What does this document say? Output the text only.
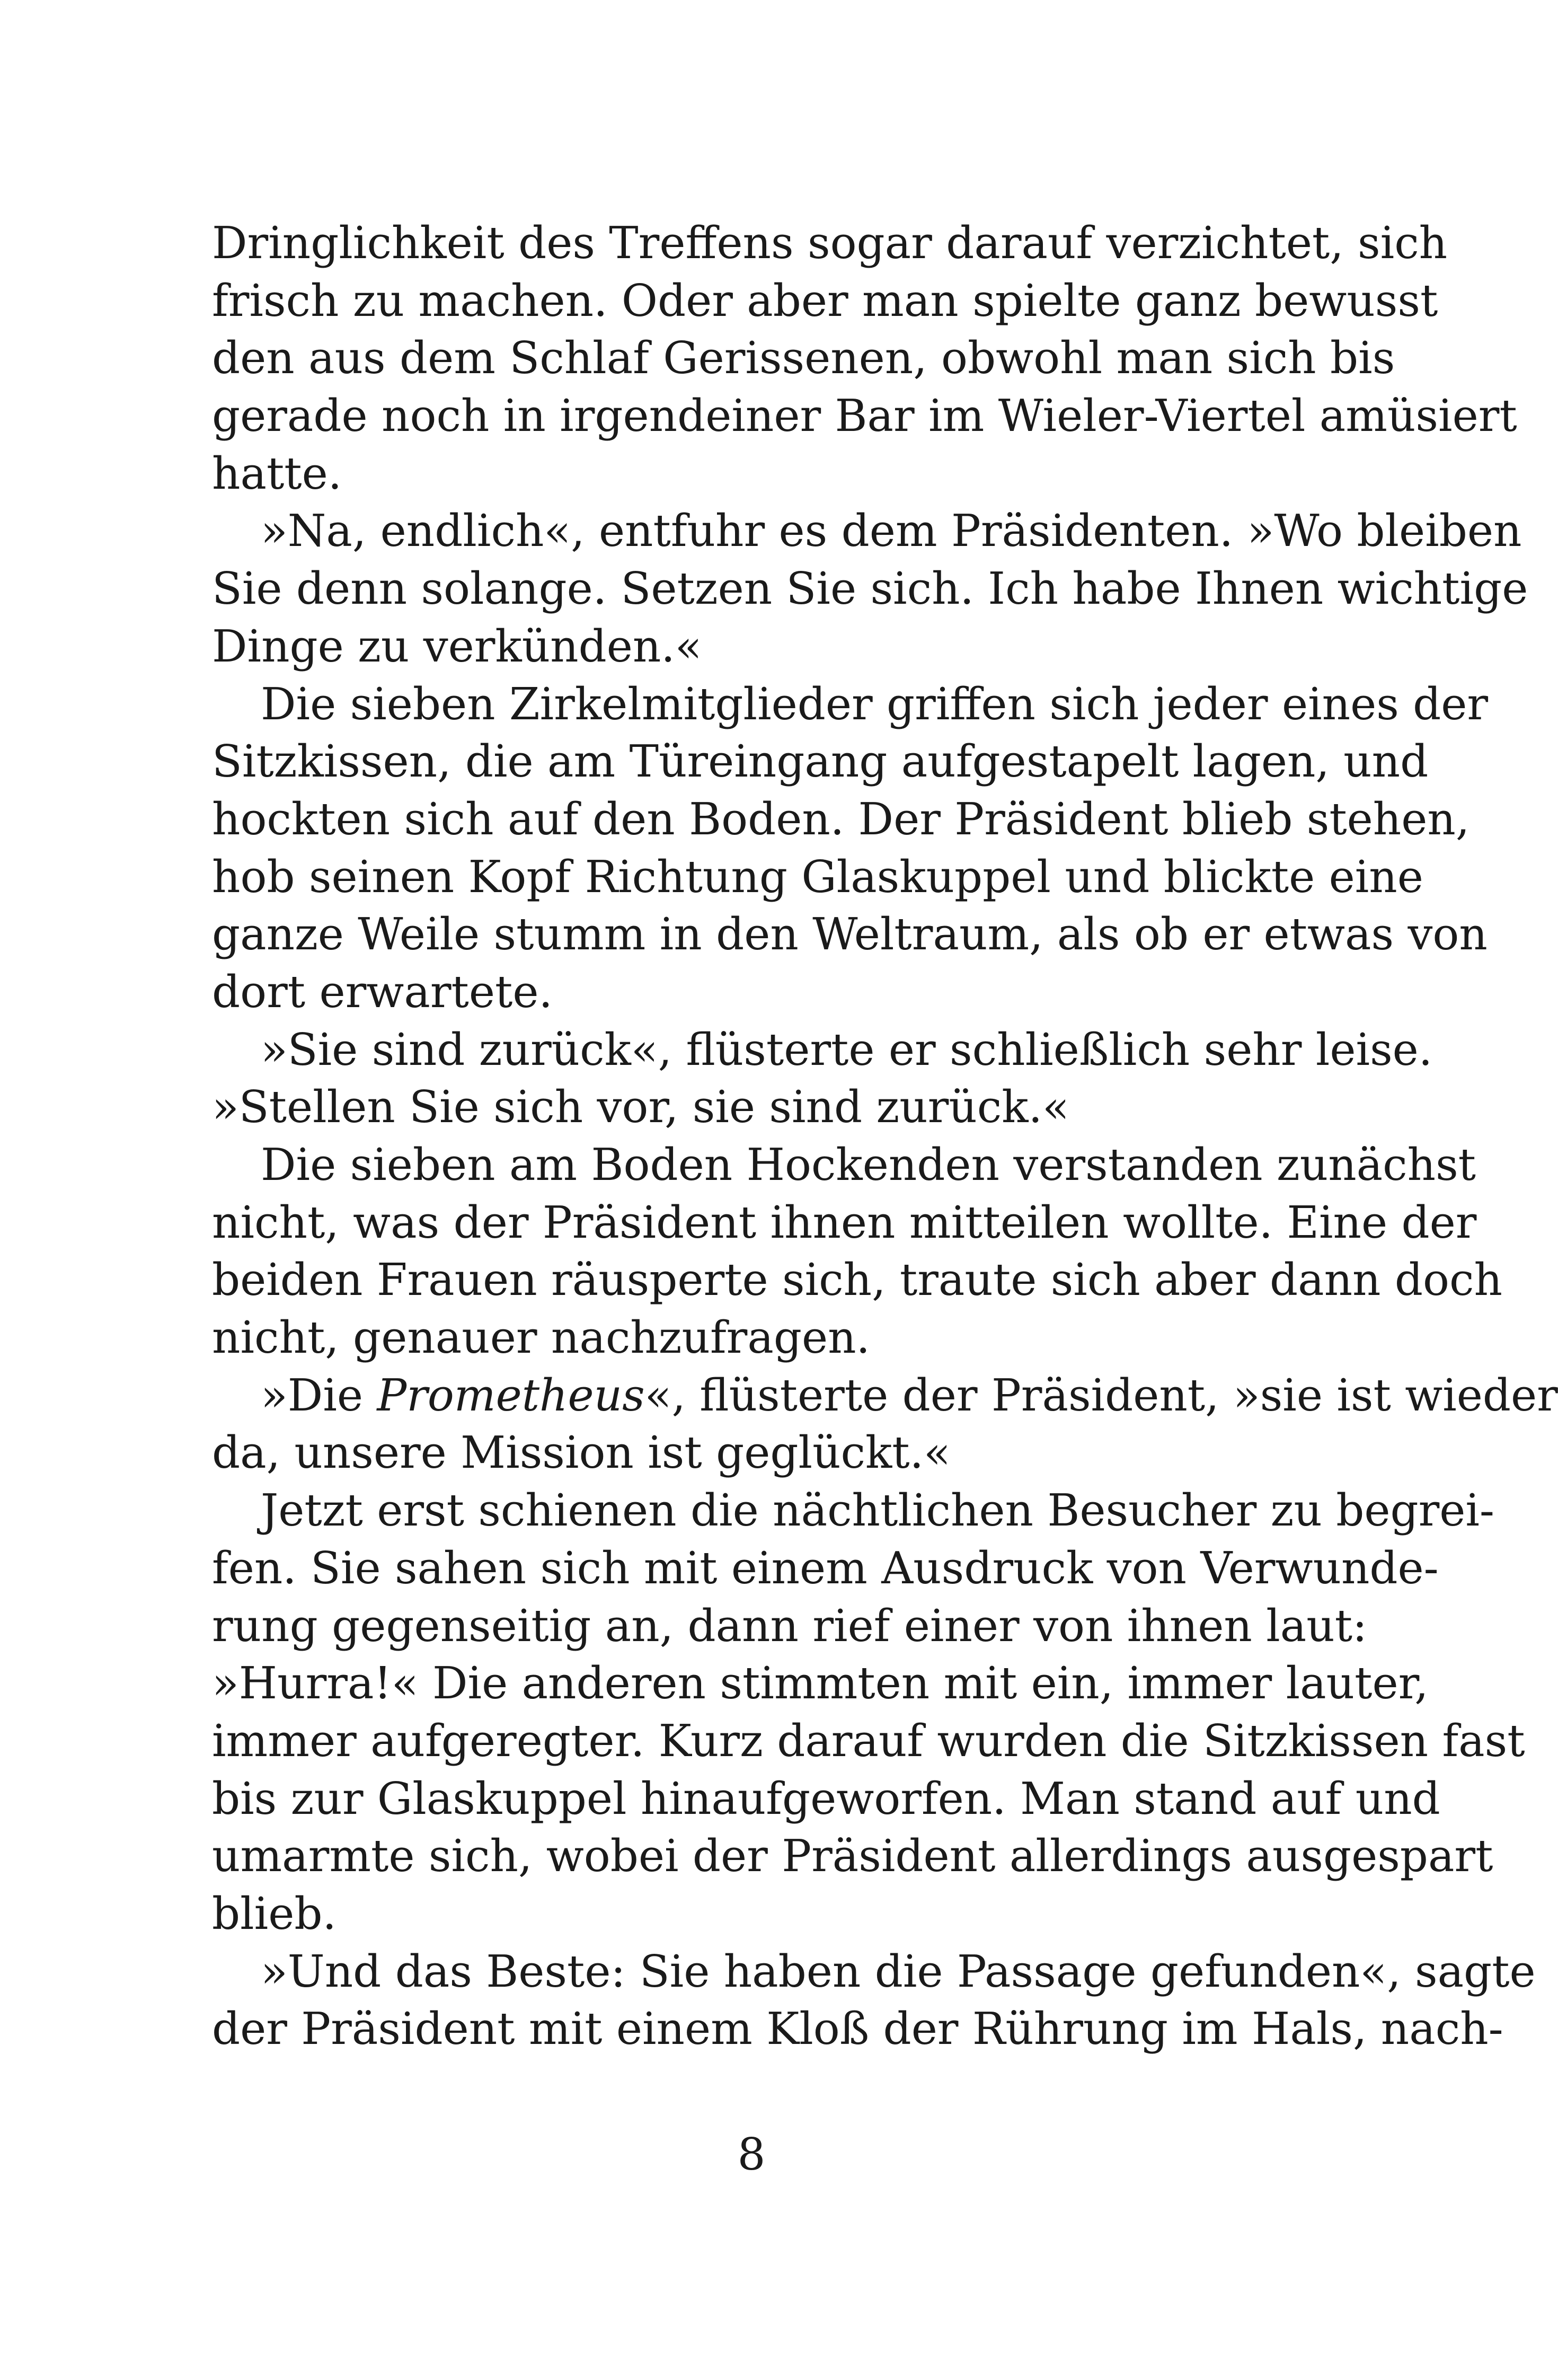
Dringlichkeit des Treffens sogar darauf verzichtet, sich
frisch zu machen. Oder aber man spielte ganz bewusst
den aus dem Schlaf Gerissenen, obwohl man sich bis
gerade noch in irgendeiner Bar im Wieler-Viertel amüsiert
hatte.
»Na, endlich«, entfuhr es dem Präsidenten. »Wo bleiben
Sie denn solange. Setzen Sie sich. Ich habe Ihnen wichtige
Dinge zu verkünden.«
Die sieben Zirkelmitglieder griffen sich jeder eines der
Sitzkissen, die am Türeingang aufgestapelt lagen, und
hockten sich auf den Boden. Der Präsident blieb stehen,
hob seinen Kopf Richtung Glaskuppel und blickte eine
ganze Weile stumm in den Weltraum, als ob er etwas von
dort erwartete.
»Sie sind zurück«, flüsterte er schließlich sehr leise.
»Stellen Sie sich vor, sie sind zurück.«
Die sieben am Boden Hockenden verstanden zunächst
nicht, was der Präsident ihnen mitteilen wollte. Eine der
beiden Frauen räusperte sich, traute sich aber dann doch
nicht, genauer nachzufragen.
»Die Prometheus«, flüsterte der Präsident, »sie ist wieder
da, unsere Mission ist geglückt.«
Jetzt erst schienen die nächtlichen Besucher zu begrei-
fen. Sie sahen sich mit einem Ausdruck von Verwunde-
rung gegenseitig an, dann rief einer von ihnen laut:
»Hurra!« Die anderen stimmten mit ein, immer lauter,
immer aufgeregter. Kurz darauf wurden die Sitzkissen fast
bis zur Glaskuppel hinaufgeworfen. Man stand auf und
umarmte sich, wobei der Präsident allerdings ausgespart
blieb.
»Und das Beste: Sie haben die Passage gefunden«, sagte
der Präsident mit einem Kloß der Rührung im Hals, nach-
8
